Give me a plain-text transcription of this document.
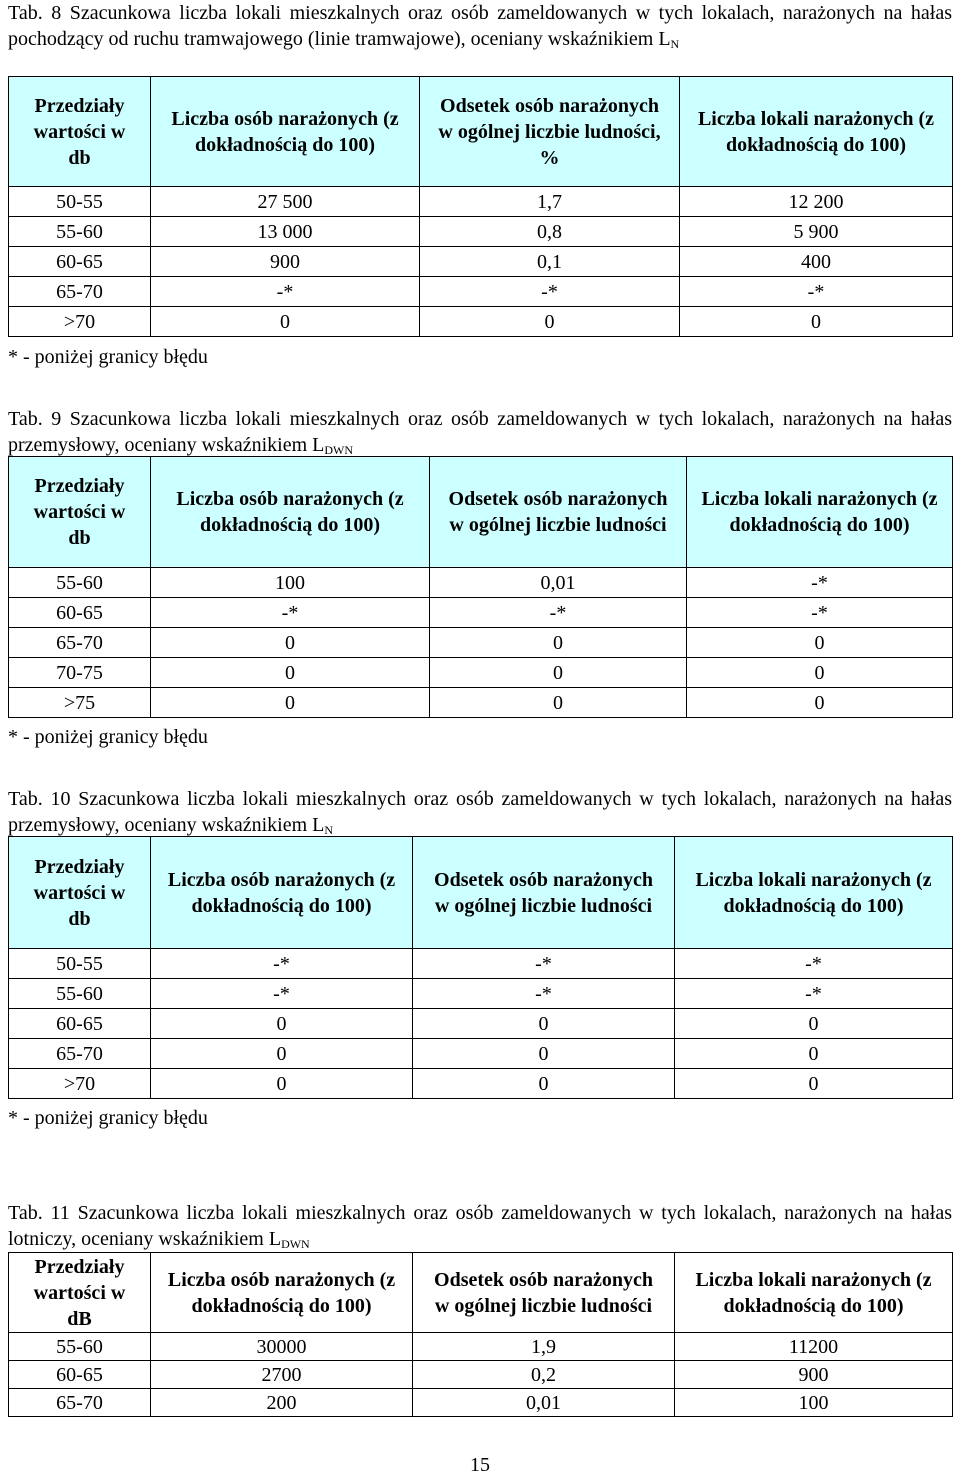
Tab. 8 Szacunkowa liczba lokali mieszkalnych oraz osób zameldowanych w tych lokalach, narażonych na hałas pochodzący od ruchu tramwajowego (linie tramwajowe), oceniany wskaźnikiem $L_N$
Przedziały wartości w db	Liczba osób narażonych (z dokładnością do 100)	Odsetek osób narażonych w ogólnej liczbie ludności, %	Liczba lokali narażonych (z dokładnością do 100)
50-55	27 500	1,7	12 200
55-60	13 000	0,8	5 900
60-65	900	0,1	400
65-70	-*	-*	-*
>70	0	0	0
* - poniżej granicy błędu
Tab. 9 Szacunkowa liczba lokali mieszkalnych oraz osób zameldowanych w tych lokalach, narażonych na hałas przemysłowy, oceniany wskaźnikiem $L_{DWN}$
Przedziały wartości w db	Liczba osób narażonych (z dokładnością do 100)	Odsetek osób narażonych w ogólnej liczbie ludności	Liczba lokali narażonych (z dokładnością do 100)
55-60	100	0,01	-*
60-65	-*	-*	-*
65-70	0	0	0
70-75	0	0	0
>75	0	0	0
* - poniżej granicy błędu
Tab. 10 Szacunkowa liczba lokali mieszkalnych oraz osób zameldowanych w tych lokalach, narażonych na hałas przemysłowy, oceniany wskaźnikiem $L_N$
Przedziały wartości w db	Liczba osób narażonych (z dokładnością do 100)	Odsetek osób narażonych w ogólnej liczbie ludności	Liczba lokali narażonych (z dokładnością do 100)
50-55	-*	-*	-*
55-60	-*	-*	-*
60-65	0	0	0
65-70	0	0	0
>70	0	0	0
* - poniżej granicy błędu
Tab. 11 Szacunkowa liczba lokali mieszkalnych oraz osób zameldowanych w tych lokalach, narażonych na hałas lotniczy, oceniany wskaźnikiem $L_{DWN}$
Przedziały wartości w dB	Liczba osób narażonych (z dokładnością do 100)	Odsetek osób narażonych w ogólnej liczbie ludności	Liczba lokali narażonych (z dokładnością do 100)
55-60	30000	1,9	11200
60-65	2700	0,2	900
65-70	200	0,01	100
15
